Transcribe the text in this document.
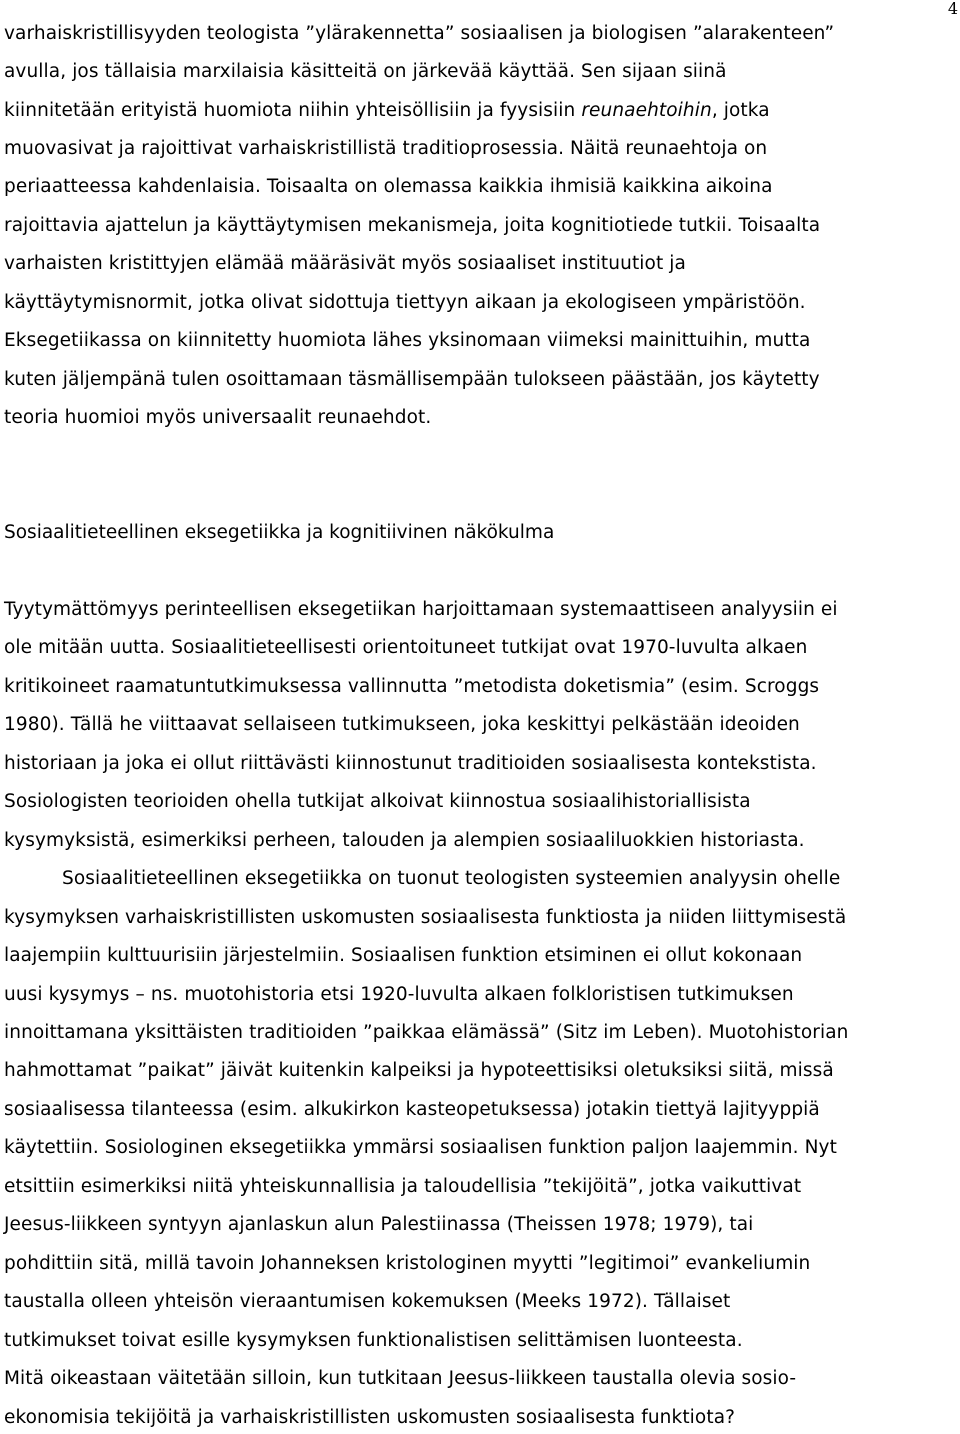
4
varhaiskristillisyyden teologista ”ylärakennetta” sosiaalisen ja biologisen ”alarakenteen”
avulla, jos tällaisia marxilaisia käsitteitä on järkevää käyttää. Sen sijaan siinä
kiinnitetään erityistä huomiota niihin yhteisöllisiin ja fyysisiin reunaehtoihin, jotka
muovasivat ja rajoittivat varhaiskristillistä traditioprosessia. Näitä reunaehtoja on
periaatteessa kahdenlaisia. Toisaalta on olemassa kaikkia ihmisiä kaikkina aikoina
rajoittavia ajattelun ja käyttäytymisen mekanismeja, joita kognitiotiede tutkii. Toisaalta
varhaisten kristittyjen elämää määräsivät myös sosiaaliset instituutiot ja
käyttäytymisnormit, jotka olivat sidottuja tiettyyn aikaan ja ekologiseen ympäristöön.
Eksegetiikassa on kiinnitetty huomiota lähes yksinomaan viimeksi mainittuihin, mutta
kuten jäljempänä tulen osoittamaan täsmällisempään tulokseen päästään, jos käytetty
teoria huomioi myös universaalit reunaehdot.
Sosiaalitieteellinen eksegetiikka ja kognitiivinen näkökulma
Tyytymättömyys perinteellisen eksegetiikan harjoittamaan systemaattiseen analyysiin ei
ole mitään uutta. Sosiaalitieteellisesti orientoituneet tutkijat ovat 1970-luvulta alkaen
kritikoineet raamatuntutkimuksessa vallinnutta ”metodista doketismia” (esim. Scroggs
1980). Tällä he viittaavat sellaiseen tutkimukseen, joka keskittyi pelkästään ideoiden
historiaan ja joka ei ollut riittävästi kiinnostunut traditioiden sosiaalisesta kontekstista.
Sosiologisten teorioiden ohella tutkijat alkoivat kiinnostua sosiaalihistoriallisista
kysymyksistä, esimerkiksi perheen, talouden ja alempien sosiaaliluokkien historiasta.
Sosiaalitieteellinen eksegetiikka on tuonut teologisten systeemien analyysin ohelle
kysymyksen varhaiskristillisten uskomusten sosiaalisesta funktiosta ja niiden liittymisestä
laajempiin kulttuurisiin järjestelmiin. Sosiaalisen funktion etsiminen ei ollut kokonaan
uusi kysymys – ns. muotohistoria etsi 1920-luvulta alkaen folkloristisen tutkimuksen
innoittamana yksittäisten traditioiden ”paikkaa elämässä” (Sitz im Leben). Muotohistorian
hahmottamat ”paikat” jäivät kuitenkin kalpeiksi ja hypoteettisiksi oletuksiksi siitä, missä
sosiaalisessa tilanteessa (esim. alkukirkon kasteopetuksessa) jotakin tiettyä lajityyppiä
käytettiin. Sosiologinen eksegetiikka ymmärsi sosiaalisen funktion paljon laajemmin. Nyt
etsittiin esimerkiksi niitä yhteiskunnallisia ja taloudellisia ”tekijöitä”, jotka vaikuttivat
Jeesus-liikkeen syntyyn ajanlaskun alun Palestiinassa (Theissen 1978; 1979), tai
pohdittiin sitä, millä tavoin Johanneksen kristologinen myytti ”legitimoi” evankeliumin
taustalla olleen yhteisön vieraantumisen kokemuksen (Meeks 1972). Tällaiset
tutkimukset toivat esille kysymyksen funktionalistisen selittämisen luonteesta.
Mitä oikeastaan väitetään silloin, kun tutkitaan Jeesus-liikkeen taustalla olevia sosio-
ekonomisia tekijöitä ja varhaiskristillisten uskomusten sosiaalisesta funktiota?
